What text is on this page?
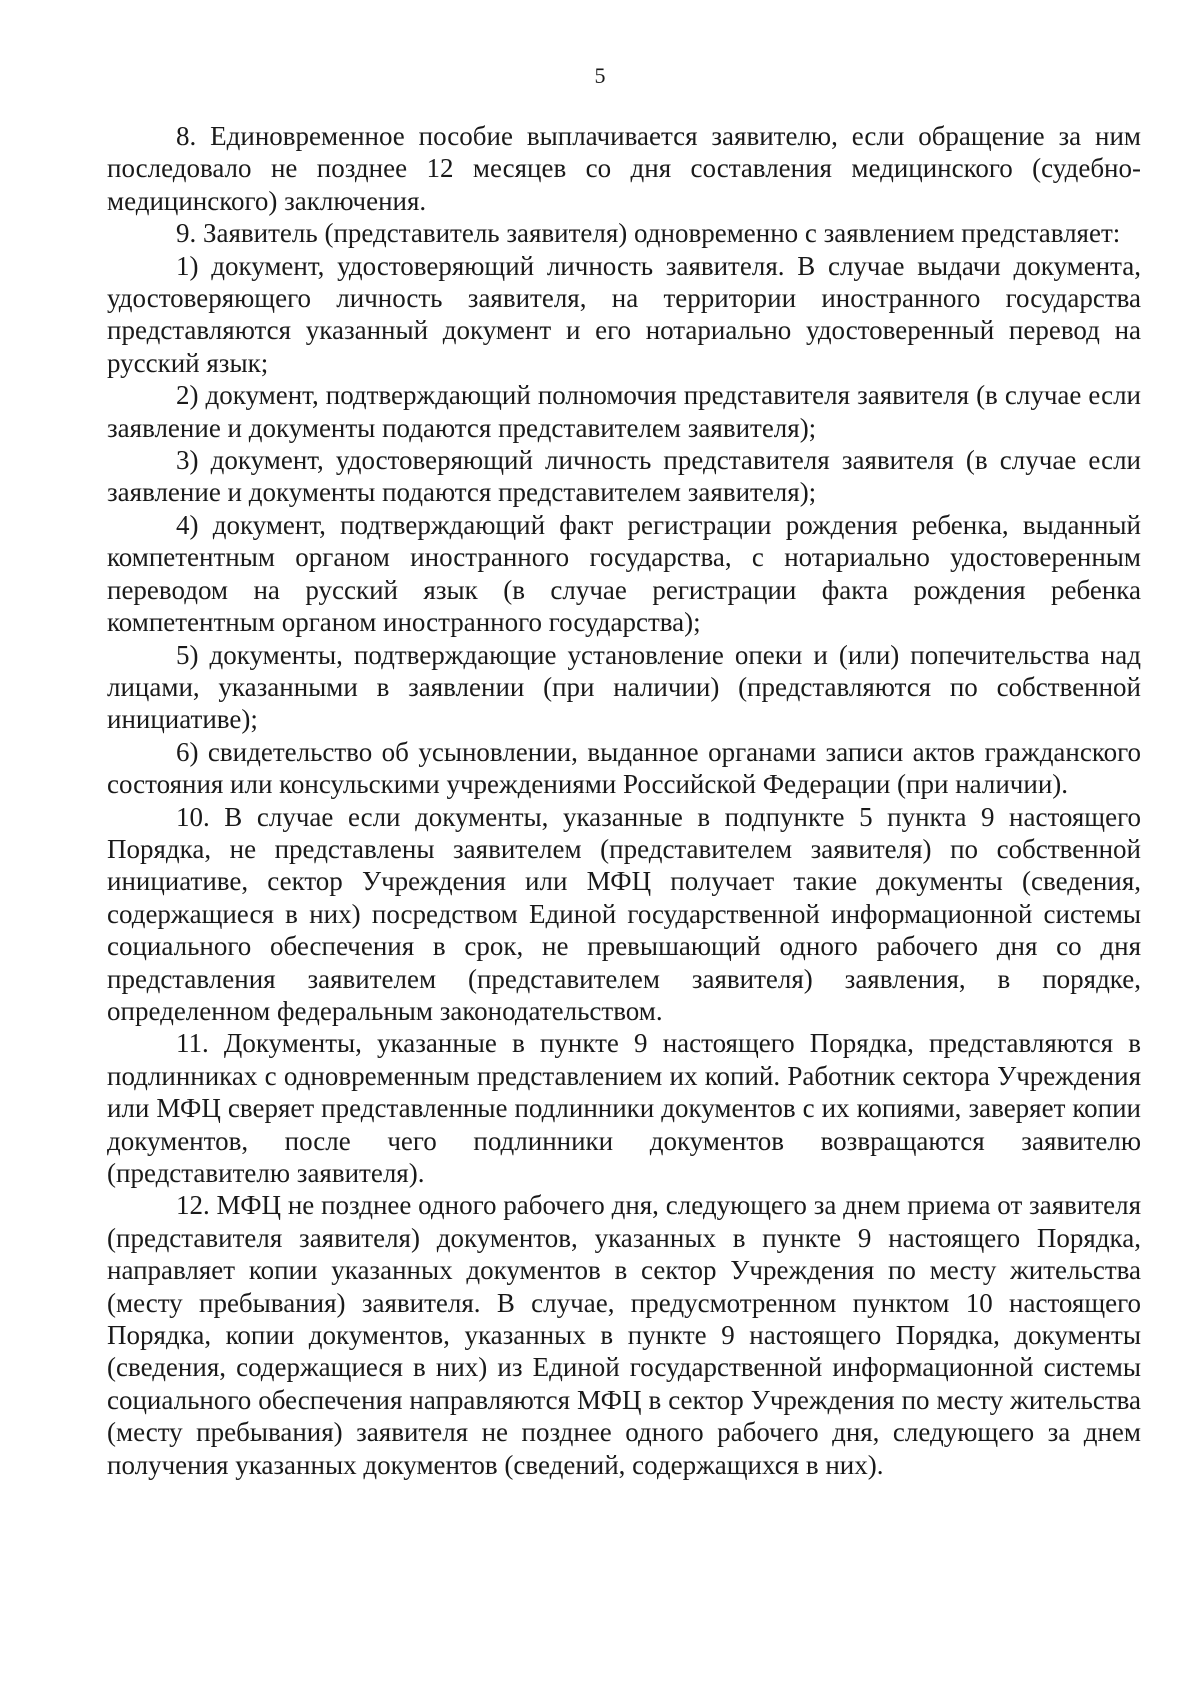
5

8. Единовременное пособие выплачивается заявителю, если обращение за ним последовало не позднее 12 месяцев со дня составления медицинского (судебно-медицинского) заключения.

9. Заявитель (представитель заявителя) одновременно с заявлением представляет:

1) документ, удостоверяющий личность заявителя. В случае выдачи документа, удостоверяющего личность заявителя, на территории иностранного государства представляются указанный документ и его нотариально удостоверенный перевод на русский язык;

2) документ, подтверждающий полномочия представителя заявителя (в случае если заявление и документы подаются представителем заявителя);

3) документ, удостоверяющий личность представителя заявителя (в случае если заявление и документы подаются представителем заявителя);

4) документ, подтверждающий факт регистрации рождения ребенка, выданный компетентным органом иностранного государства, с нотариально удостоверенным переводом на русский язык (в случае регистрации факта рождения ребенка компетентным органом иностранного государства);

5) документы, подтверждающие установление опеки и (или) попечительства над лицами, указанными в заявлении (при наличии) (представляются по собственной инициативе);

6) свидетельство об усыновлении, выданное органами записи актов гражданского состояния или консульскими учреждениями Российской Федерации (при наличии).

10. В случае если документы, указанные в подпункте 5 пункта 9 настоящего Порядка, не представлены заявителем (представителем заявителя) по собственной инициативе, сектор Учреждения или МФЦ получает такие документы (сведения, содержащиеся в них) посредством Единой государственной информационной системы социального обеспечения в срок, не превышающий одного рабочего дня со дня представления заявителем (представителем заявителя) заявления, в порядке, определенном федеральным законодательством.

11. Документы, указанные в пункте 9 настоящего Порядка, представляются в подлинниках с одновременным представлением их копий. Работник сектора Учреждения или МФЦ сверяет представленные подлинники документов с их копиями, заверяет копии документов, после чего подлинники документов возвращаются заявителю (представителю заявителя).

12. МФЦ не позднее одного рабочего дня, следующего за днем приема от заявителя (представителя заявителя) документов, указанных в пункте 9 настоящего Порядка, направляет копии указанных документов в сектор Учреждения по месту жительства (месту пребывания) заявителя. В случае, предусмотренном пунктом 10 настоящего Порядка, копии документов, указанных в пункте 9 настоящего Порядка, документы (сведения, содержащиеся в них) из Единой государственной информационной системы социального обеспечения направляются МФЦ в сектор Учреждения по месту жительства (месту пребывания) заявителя не позднее одного рабочего дня, следующего за днем получения указанных документов (сведений, содержащихся в них).
